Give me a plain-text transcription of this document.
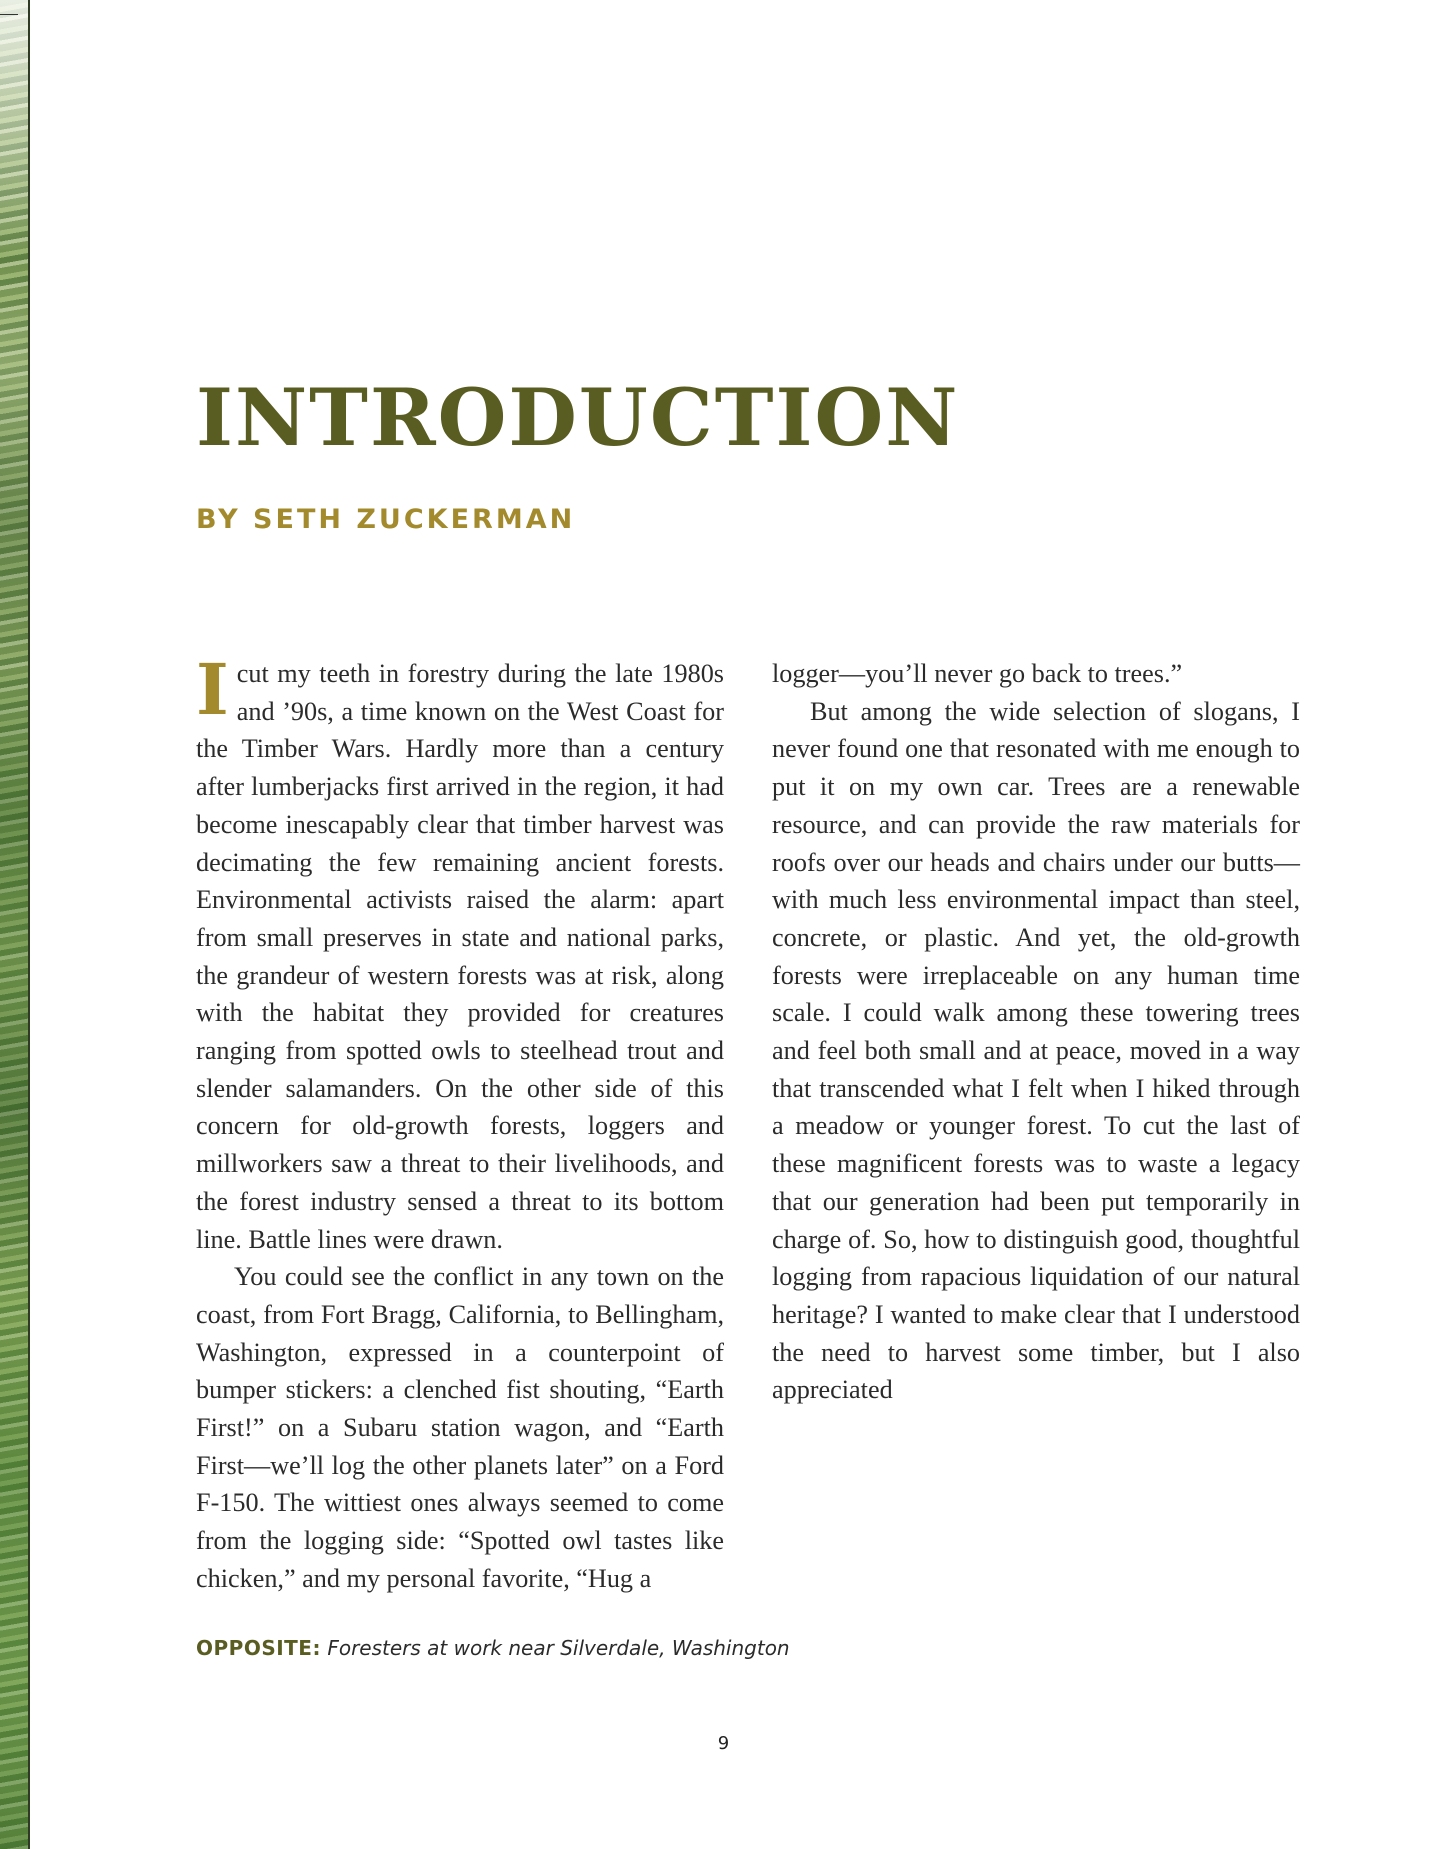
INTRODUCTION
BY SETH ZUCKERMAN

Icut my teeth in forestry during the late 1980s and ’90s, a time known on the West Coast for the Timber Wars. Hardly more than a century after lumberjacks first arrived in the region, it had become inescapably clear that timber harvest was decimating the few remaining ancient forests. Environmental activists raised the alarm: apart from small preserves in state and national parks, the grandeur of western forests was at risk, along with the habitat they provided for creatures ranging from spotted owls to steelhead trout and slender salamanders. On the other side of this concern for old-growth forests, loggers and millworkers saw a threat to their livelihoods, and the forest industry sensed a threat to its bottom line. Battle lines were drawn.

You could see the conflict in any town on the coast, from Fort Bragg, California, to Bellingham, Washington, expressed in a counterpoint of bumper stickers: a clenched fist shouting, “Earth First!” on a Subaru station wagon, and “Earth First—we’ll log the other planets later” on a Ford F-150. The wittiest ones always seemed to come from the logging side: “Spotted owl tastes like chicken,” and my personal favorite, “Hug a

logger—you’ll never go back to trees.”

But among the wide selection of slogans, I never found one that resonated with me enough to put it on my own car. Trees are a renewable resource, and can provide the raw materials for roofs over our heads and chairs under our butts—with much less environmental impact than steel, concrete, or plastic. And yet, the old-growth forests were irreplaceable on any human time scale. I could walk among these towering trees and feel both small and at peace, moved in a way that transcended what I felt when I hiked through a meadow or younger forest. To cut the last of these magnificent forests was to waste a legacy that our generation had been put temporarily in charge of. So, how to distinguish good, thoughtful logging from rapacious liquidation of our natural heritage? I wanted to make clear that I understood the need to harvest some timber, but I also appreciated

OPPOSITE: Foresters at work near Silverdale, Washington

9
